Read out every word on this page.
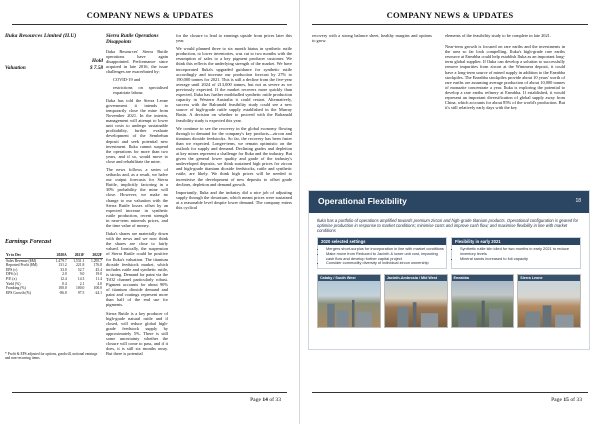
COMPANY NEWS & UPDATES
Iluka Resources Limited (ILU)
Hold
Valuation	$ 7.58
Earnings Forecast
Yr to Dec	2020A	2021F	2022F
Sales Revenue ($M)	1,479.7	1,531.1	1,295.7
Reported Profit ($M)	131.2	221.8	176.8
EPS (c)	33.0	52.7	45.4
DPS (c)	2.0	9.0	19.0
P/E (x)	12.4	14.3	11.4
Yield (%)	0.4	2.1	4.0
Franking (%)	100.0	100.0	100.0
EPS Growth (%)	-86.0	97.5	-24.1
* Profit & EPS adjusted for options, goodwill, notional earnings and non-recurring items.
Sierra Rutile Operations Disappoints

Iluka Resources' Sierra Rutile operations have again disappointed. Performance since acquired in late 2016, the issue challenges are exacerbated by:

• COVID-19 and
• restrictions on specialised expatriate labour.

Iluka has told the Sierra Leone government it intends to temporarily close the mine from November 2021. In the interim, management will attempt to lower unit costs to undergo sustainable profitability, further evaluate development of the Sembehun deposit and seek potential new investment. Iluka cannot suspend the operations for more than two years, and if so, would move to close and rehabilitate the mine.

The news follows a series of setbacks and, as a result, we halve our output forecasts for Sierra Rutile, implicitly factoring in a 30% probability the mine will close. However, we make no change to our valuation with the Sierra Rutile losses offset by an expected increase in synthetic rutile production, recent strength in near-term minerals prices, and the time value of money.

Iluka's shares are materially down with the news and we now think the shares are close to fairly valued. Ironically, the suspension of Sierra Rutile could be positive for Iluka's valuation. The titanium dioxide feedstock market, which includes rutile and synthetic rutile, is strong. Demand for paint via the TiO2 channel particularly robust. Pigment accounts for about 90% of titanium dioxide demand and paint and coatings represent more than half of the end use for pigments.

Sierra Rutile is a key producer of high-grade natural rutile and if closed, will reduce global high-grade feedstock supply by approximately 5%. There is still some uncertainty whether the closure will come to pass, and if it does, it is still six months away. But there is potential

for the closure to lead to earnings upside from prices later this year.

We would planned three to six month hiatus in synthetic rutile production, to lower inventories, was cut to two months with the resumption of sales to a key pigment producer customer. We think this reflects the underlying strength of the market. We have incorporated Iluka's upgraded guidance for synthetic rutile accordingly and increase our production forecast by 27% to 190,000 tonnes for 2021. This is still a decline from the five-year average until 2024 of 213,000 tonnes, but not as severe as we previously expected. If the market recovers more quickly than expected, Iluka has further mothballed synthetic rutile production capacity in Western Australia it could restart. Alternatively, success with the Balranald feasibility study could see a new source of high-grade rutile supply established in the Murray Basin. A decision on whether to proceed with the Balranald feasibility study is expected this year.

We continue to see the recovery in the global economy flowing through to demand for the company's key products—zircon and titanium dioxide feedstocks. So far, the recovery has been faster than we expected. Longer-term, we remain optimistic on the outlook for supply and demand. Declining grades and depletion at key mines represent a challenge for Iluka and the industry. But given the general lower quality and grade of the industry's undeveloped deposits, we think sustained high prices for zircon and high-grade titanium dioxide feedstocks, rutile and synthetic rutile, are likely. We think high prices will be needed to incentivise the development of new deposits to offset grade declines, depletion and demand growth.

Importantly, Iluka and the industry did a nice job of adjusting supply through the downturn, which meant prices were sustained at a reasonable level despite lower demand. The company enters this cyclical

Page 14 of 33
COMPANY NEWS & UPDATES

recovery with a strong balance sheet, healthy margins and options to grow.

elements of the feasibility study to be complete in late 2021.

Near-term growth is focused on rare earths and the investments in the area so far look compelling. Iluka's high-grade rare earths resource at Eneabba could help establish Iluka as an important long-term global supplier. If Iluka can develop a solution to successfully remove impurities from zircon at the Wimmera deposit, it could have a long-term source of mined supply in addition to the Eneabba stockpiles. The Eneabba stockpiles provide about 10 years' worth of rare earths ore assuming average production of about 10,000 tonnes of monazite concentrate a year. Iluka is exploring the potential to develop a rare earths refinery at Eneabba. If established, it would represent an important diversification of global supply away from China, which accounts for about 85% of the world's production. But it's still relatively early days with the key

Operational Flexibility	18
Iluka has a portfolio of operations amplified towards premium zircon and high-grade titanium products. Operational configuration is geared for optimise production in response to market conditions; minimise costs and improve cash flow; and maximise flexibility in line with market conditions
2020 selected settings
• Mergers short-surplus for incorporation in line with market conditions
• Make move from Reduced to Jacinth & lower unit cost, impacting cash flow and develop further capital project
• Consider commodity diversity of individual zircon ownership
Flexibility in early 2021
• Synthetic rutile kiln idled for two months in early 2021 to reduce inventory levels
• Mineral sands increased to full capacity
Cataby / South West	Jacinth-Ambrosia / Mid West	Eneabba	Sierra Leone
Page 15 of 33
